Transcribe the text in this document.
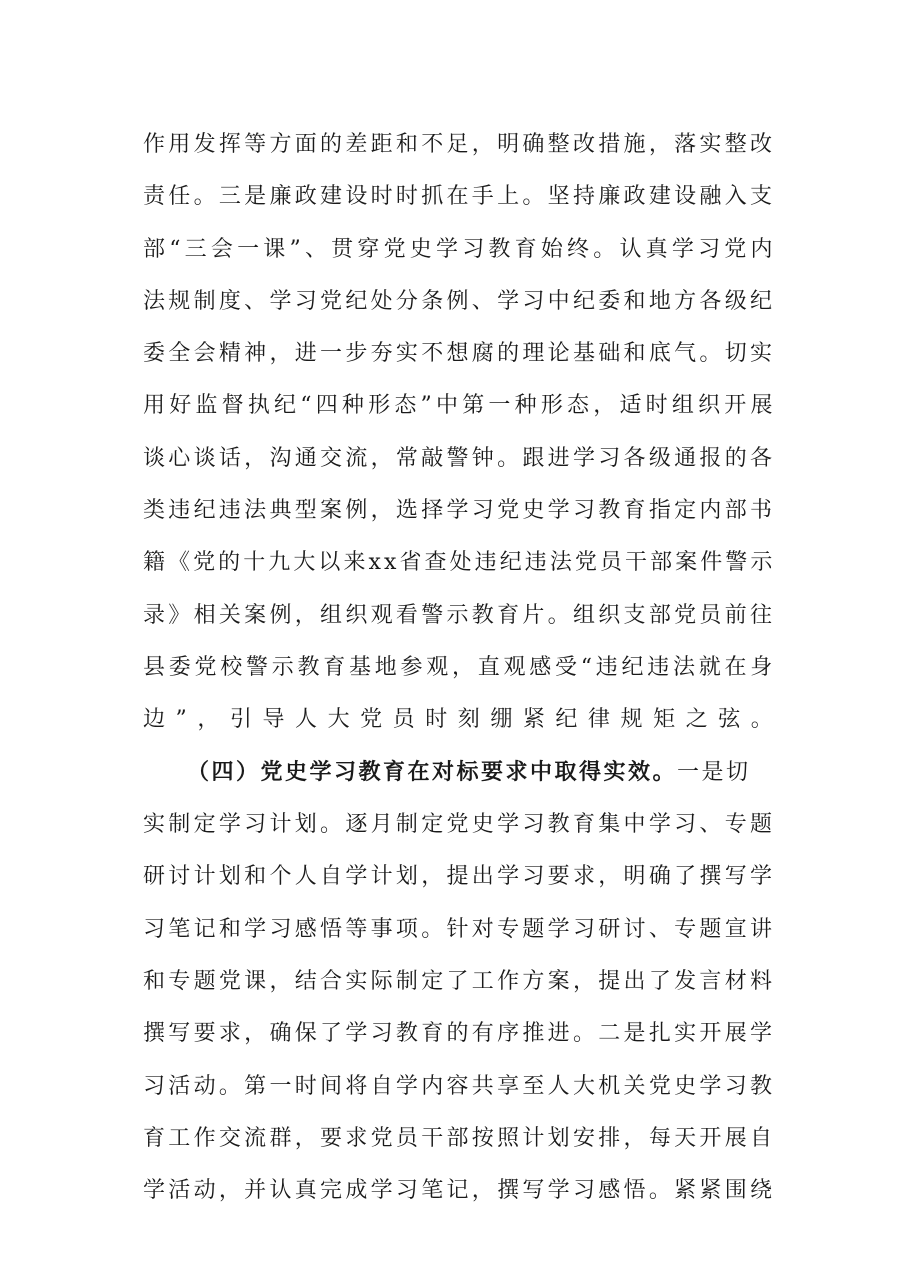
作用发挥等方面的差距和不足，明确整改措施，落实整改
责任。三是廉政建设时时抓在手上。坚持廉政建设融入支
部“三会一课”、贯穿党史学习教育始终。认真学习党内
法规制度、学习党纪处分条例、学习中纪委和地方各级纪
委全会精神，进一步夯实不想腐的理论基础和底气。切实
用好监督执纪“四种形态”中第一种形态，适时组织开展
谈心谈话，沟通交流，常敲警钟。跟进学习各级通报的各
类违纪违法典型案例，选择学习党史学习教育指定内部书
籍《党的十九大以来xx省查处违纪违法党员干部案件警示
录》相关案例，组织观看警示教育片。组织支部党员前往
县委党校警示教育基地参观，直观感受“违纪违法就在身
边”，引导人大党员时刻绷紧纪律规矩之弦。
（四）党史学习教育在对标要求中取得实效。一是切
实制定学习计划。逐月制定党史学习教育集中学习、专题
研讨计划和个人自学计划，提出学习要求，明确了撰写学
习笔记和学习感悟等事项。针对专题学习研讨、专题宣讲
和专题党课，结合实际制定了工作方案，提出了发言材料
撰写要求，确保了学习教育的有序推进。二是扎实开展学
习活动。第一时间将自学内容共享至人大机关党史学习教
育工作交流群，要求党员干部按照计划安排，每天开展自
学活动，并认真完成学习笔记，撰写学习感悟。紧紧围绕
